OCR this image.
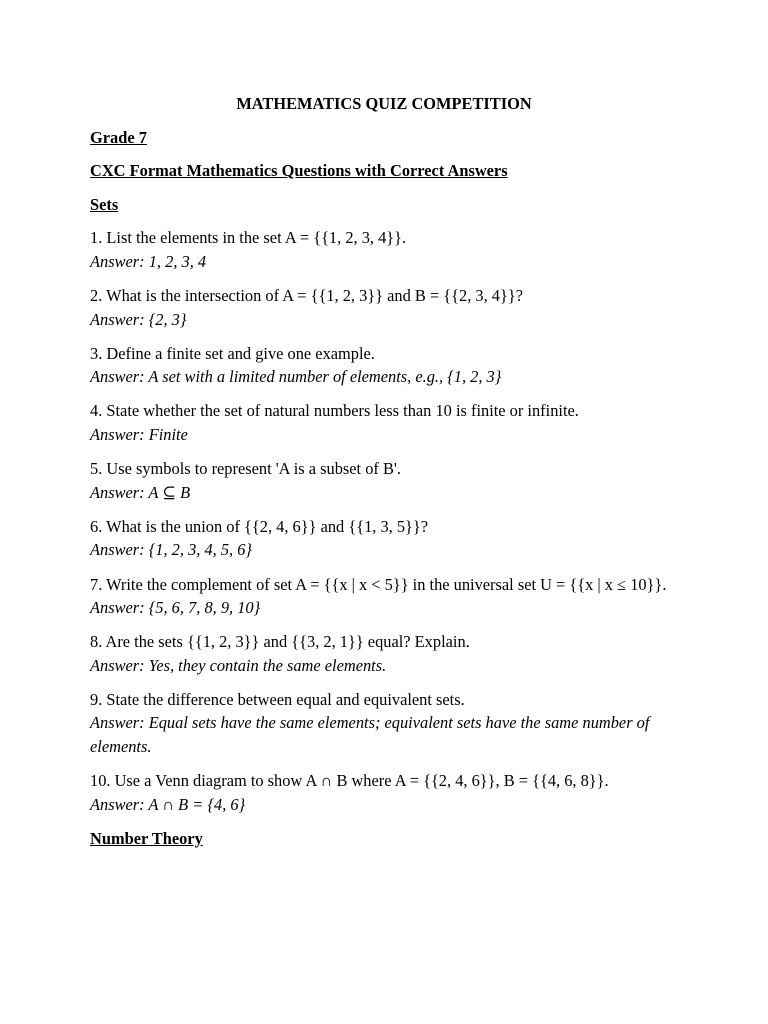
MATHEMATICS QUIZ COMPETITION
Grade 7
CXC Format Mathematics Questions with Correct Answers
Sets
1. List the elements in the set A = {{1, 2, 3, 4}}.
Answer: 1, 2, 3, 4
2. What is the intersection of A = {{1, 2, 3}} and B = {{2, 3, 4}}?
Answer: {2, 3}
3. Define a finite set and give one example.
Answer: A set with a limited number of elements, e.g., {1, 2, 3}
4. State whether the set of natural numbers less than 10 is finite or infinite.
Answer: Finite
5. Use symbols to represent 'A is a subset of B'.
Answer: A ⊆ B
6. What is the union of {{2, 4, 6}} and {{1, 3, 5}}?
Answer: {1, 2, 3, 4, 5, 6}
7. Write the complement of set A = {{x | x < 5}} in the universal set U = {{x | x ≤ 10}}.
Answer: {5, 6, 7, 8, 9, 10}
8. Are the sets {{1, 2, 3}} and {{3, 2, 1}} equal? Explain.
Answer: Yes, they contain the same elements.
9. State the difference between equal and equivalent sets.
Answer: Equal sets have the same elements; equivalent sets have the same number of elements.
10. Use a Venn diagram to show A ∩ B where A = {{2, 4, 6}}, B = {{4, 6, 8}}.
Answer: A ∩ B = {4, 6}
Number Theory
